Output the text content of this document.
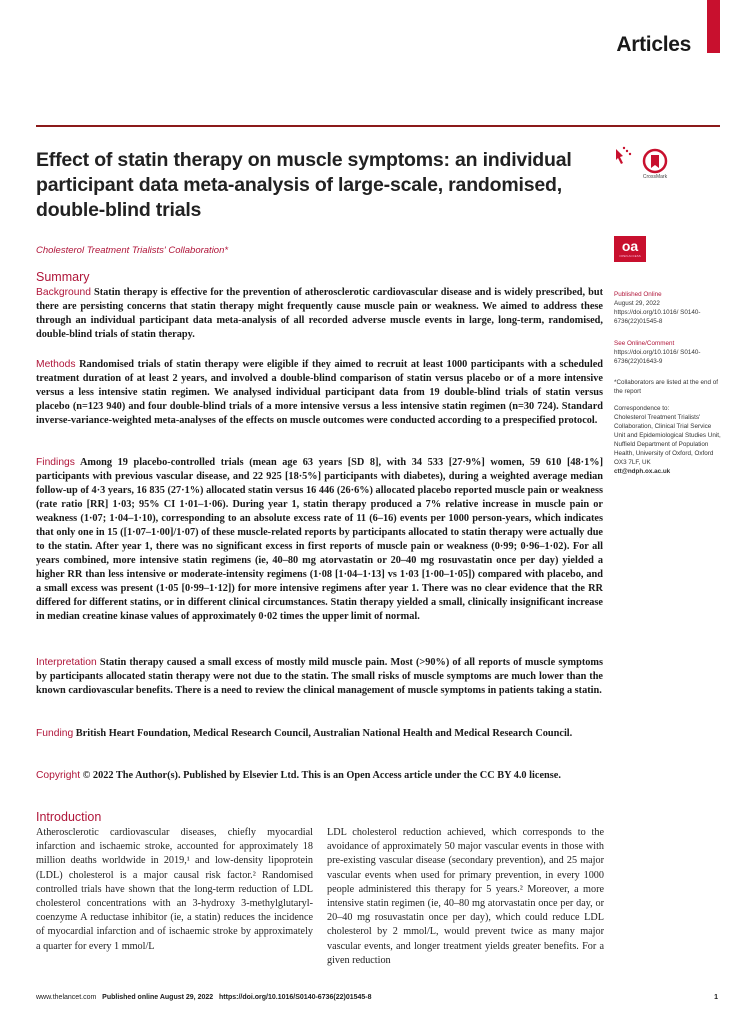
Articles
Effect of statin therapy on muscle symptoms: an individual participant data meta-analysis of large-scale, randomised, double-blind trials
Cholesterol Treatment Trialists' Collaboration*
CrossMark
oa
OPEN ACCESS
Summary

Background Statin therapy is effective for the prevention of atherosclerotic cardiovascular disease and is widely prescribed, but there are persisting concerns that statin therapy might frequently cause muscle pain or weakness. We aimed to address these through an individual participant data meta-analysis of all recorded adverse muscle events in large, long-term, randomised, double-blind trials of statin therapy.

Methods Randomised trials of statin therapy were eligible if they aimed to recruit at least 1000 participants with a scheduled treatment duration of at least 2 years, and involved a double-blind comparison of statin versus placebo or of a more intensive versus a less intensive statin regimen. We analysed individual participant data from 19 double-blind trials of statin versus placebo (n=123 940) and four double-blind trials of a more intensive versus a less intensive statin regimen (n=30 724). Standard inverse-variance-weighted meta-analyses of the effects on muscle outcomes were conducted according to a prespecified protocol.

Findings Among 19 placebo-controlled trials (mean age 63 years [SD 8], with 34 533 [27·9%] women, 59 610 [48·1%] participants with previous vascular disease, and 22 925 [18·5%] participants with diabetes), during a weighted average median follow-up of 4·3 years, 16 835 (27·1%) allocated statin versus 16 446 (26·6%) allocated placebo reported muscle pain or weakness (rate ratio [RR] 1·03; 95% CI 1·01–1·06). During year 1, statin therapy produced a 7% relative increase in muscle pain or weakness (1·07; 1·04–1·10), corresponding to an absolute excess rate of 11 (6–16) events per 1000 person-years, which indicates that only one in 15 ([1·07–1·00]/1·07) of these muscle-related reports by participants allocated to statin therapy were actually due to the statin. After year 1, there was no significant excess in first reports of muscle pain or weakness (0·99; 0·96–1·02). For all years combined, more intensive statin regimens (ie, 40–80 mg atorvastatin or 20–40 mg rosuvastatin once per day) yielded a higher RR than less intensive or moderate-intensity regimens (1·08 [1·04–1·13] vs 1·03 [1·00–1·05]) compared with placebo, and a small excess was present (1·05 [0·99–1·12]) for more intensive regimens after year 1. There was no clear evidence that the RR differed for different statins, or in different clinical circumstances. Statin therapy yielded a small, clinically insignificant increase in median creatine kinase values of approximately 0·02 times the upper limit of normal.

Interpretation Statin therapy caused a small excess of mostly mild muscle pain. Most (>90%) of all reports of muscle symptoms by participants allocated statin therapy were not due to the statin. The small risks of muscle symptoms are much lower than the known cardiovascular benefits. There is a need to review the clinical management of muscle symptoms in patients taking a statin.

Funding British Heart Foundation, Medical Research Council, Australian National Health and Medical Research Council.

Copyright © 2022 The Author(s). Published by Elsevier Ltd. This is an Open Access article under the CC BY 4.0 license.

Published Online
August 29, 2022 https://doi.org/10.1016/ S0140-6736(22)01545-8
See Online/Comment
https://doi.org/10.1016/ S0140-6736(22)01643-9
*Collaborators are listed at the end of the report
Correspondence to:
Cholesterol Treatment Trialists' Collaboration, Clinical Trial Service Unit and Epidemiological Studies Unit, Nuffield Department of Population Health, University of Oxford, Oxford OX3 7LF, UK
ctt@ndph.ox.ac.uk
Introduction

Atherosclerotic cardiovascular diseases, chiefly myocardial infarction and ischaemic stroke, accounted for approximately 18 million deaths worldwide in 2019,¹ and low-density lipoprotein (LDL) cholesterol is a major causal risk factor.² Randomised controlled trials have shown that the long-term reduction of LDL cholesterol concentrations with an 3-hydroxy 3-methylglutaryl-coenzyme A reductase inhibitor (ie, a statin) reduces the incidence of myocardial infarction and of ischaemic stroke by approximately a quarter for every 1 mmol/L

LDL cholesterol reduction achieved, which corresponds to the avoidance of approximately 50 major vascular events in those with pre-existing vascular disease (secondary prevention), and 25 major vascular events when used for primary prevention, in every 1000 people administered this therapy for 5 years.² Moreover, a more intensive statin regimen (ie, 40–80 mg atorvastatin once per day, or 20–40 mg rosuvastatin once per day), which could reduce LDL cholesterol by 2 mmol/L, would prevent twice as many major vascular events, and longer treatment yields greater benefits. For a given reduction

www.thelancet.com Published online August 29, 2022 https://doi.org/10.1016/S0140-6736(22)01545-8	1
